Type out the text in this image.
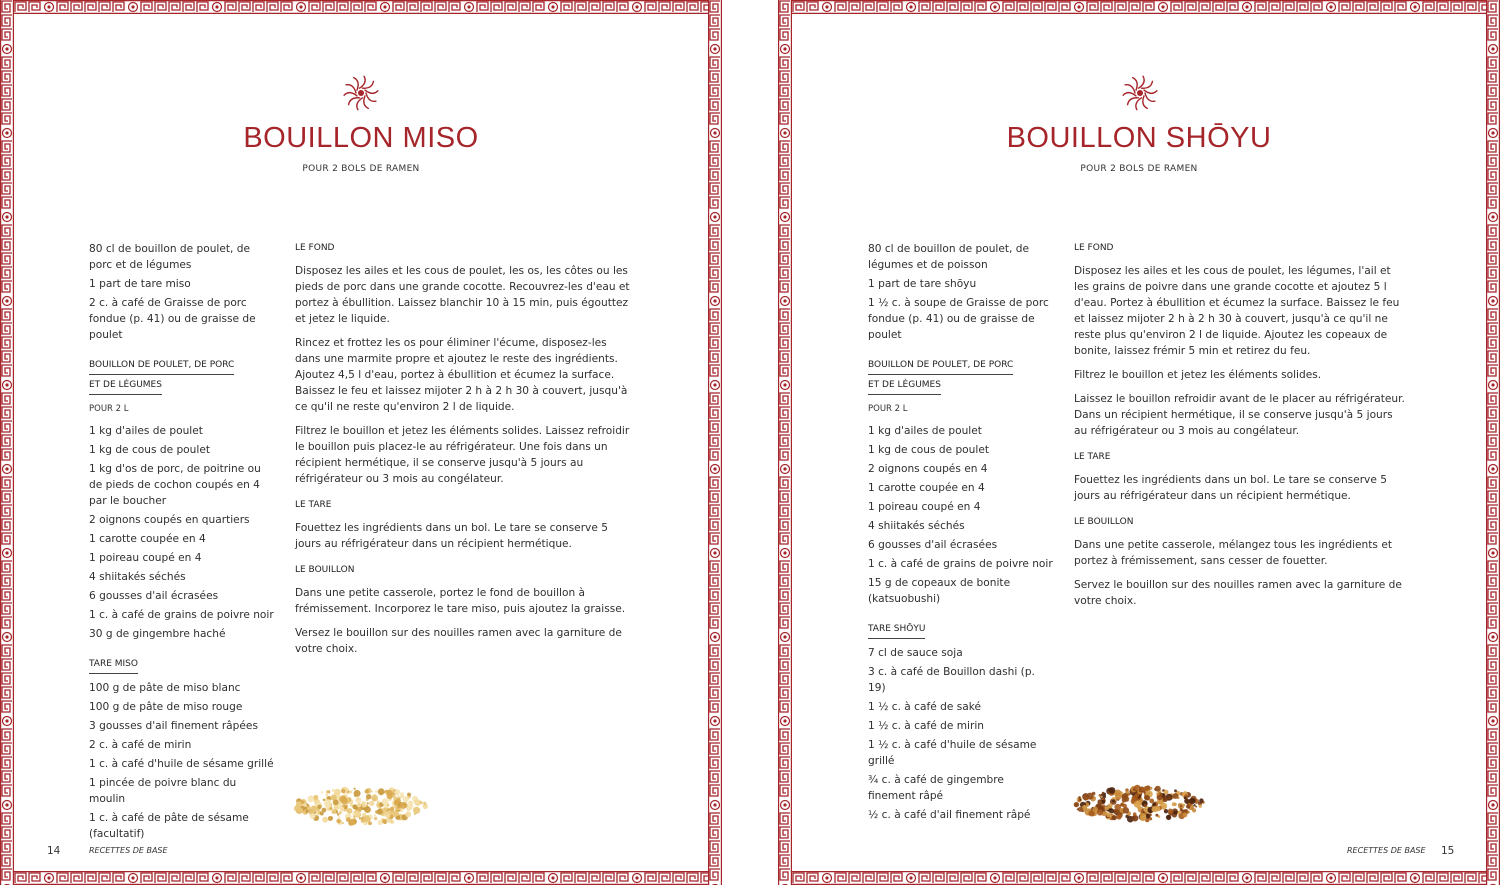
BOUILLON MISO
POUR 2 BOLS DE RAMEN

80 cl de bouillon de poulet, de porc et de légumes

1 part de tare miso

2 c. à café de Graisse de porc fondue (p. 41) ou de graisse de poulet

BOUILLON DE POULET, DE PORC
ET DE LÉGUMES
POUR 2 L

1 kg d'ailes de poulet

1 kg de cous de poulet

1 kg d'os de porc, de poitrine ou de pieds de cochon coupés en 4 par le boucher

2 oignons coupés en quartiers

1 carotte coupée en 4

1 poireau coupé en 4

4 shiitakés séchés

6 gousses d'ail écrasées

1 c. à café de grains de poivre noir

30 g de gingembre haché

TARE MISO

100 g de pâte de miso blanc

100 g de pâte de miso rouge

3 gousses d'ail finement râpées

2 c. à café de mirin

1 c. à café d'huile de sésame grillé

1 pincée de poivre blanc du moulin

1 c. à café de pâte de sésame (facultatif)

LE FOND

Disposez les ailes et les cous de poulet, les os, les côtes ou les pieds de porc dans une grande cocotte. Recouvrez-les d'eau et portez à ébullition. Laissez blanchir 10 à 15 min, puis égouttez et jetez le liquide.

Rincez et frottez les os pour éliminer l'écume, disposez-les dans une marmite propre et ajoutez le reste des ingrédients. Ajoutez 4,5 l d'eau, portez à ébullition et écumez la surface. Baissez le feu et laissez mijoter 2 h à 2 h 30 à couvert, jusqu'à ce qu'il ne reste qu'environ 2 l de liquide.

Filtrez le bouillon et jetez les éléments solides. Laissez refroidir le bouillon puis placez-le au réfrigérateur. Une fois dans un récipient hermétique, il se conserve jusqu'à 5 jours au réfrigérateur ou 3 mois au congélateur.

LE TARE

Fouettez les ingrédients dans un bol. Le tare se conserve 5 jours au réfrigérateur dans un récipient hermétique.

LE BOUILLON

Dans une petite casserole, portez le fond de bouillon à frémissement. Incorporez le tare miso, puis ajoutez la graisse.

Versez le bouillon sur des nouilles ramen avec la garniture de votre choix.

14	RECETTES DE BASE
BOUILLON SHŌYU
POUR 2 BOLS DE RAMEN

80 cl de bouillon de poulet, de légumes et de poisson

1 part de tare shōyu

1 ½ c. à soupe de Graisse de porc fondue (p. 41) ou de graisse de poulet

BOUILLON DE POULET, DE PORC
ET DE LÉGUMES
POUR 2 L

1 kg d'ailes de poulet

1 kg de cous de poulet

2 oignons coupés en 4

1 carotte coupée en 4

1 poireau coupé en 4

4 shiitakés séchés

6 gousses d'ail écrasées

1 c. à café de grains de poivre noir

15 g de copeaux de bonite (katsuobushi)

TARE SHŌYU

7 cl de sauce soja

3 c. à café de Bouillon dashi (p. 19)

1 ½ c. à café de saké

1 ½ c. à café de mirin

1 ½ c. à café d'huile de sésame grillé

¾ c. à café de gingembre finement râpé

½ c. à café d'ail finement râpé

LE FOND

Disposez les ailes et les cous de poulet, les légumes, l'ail et les grains de poivre dans une grande cocotte et ajoutez 5 l d'eau. Portez à ébullition et écumez la surface. Baissez le feu et laissez mijoter 2 h à 2 h 30 à couvert, jusqu'à ce qu'il ne reste plus qu'environ 2 l de liquide. Ajoutez les copeaux de bonite, laissez frémir 5 min et retirez du feu.

Filtrez le bouillon et jetez les éléments solides.

Laissez le bouillon refroidir avant de le placer au réfrigérateur. Dans un récipient hermétique, il se conserve jusqu'à 5 jours au réfrigérateur ou 3 mois au congélateur.

LE TARE

Fouettez les ingrédients dans un bol. Le tare se conserve 5 jours au réfrigérateur dans un récipient hermétique.

LE BOUILLON

Dans une petite casserole, mélangez tous les ingrédients et portez à frémissement, sans cesser de fouetter.

Servez le bouillon sur des nouilles ramen avec la garniture de votre choix.

15
RECETTES DE BASE
